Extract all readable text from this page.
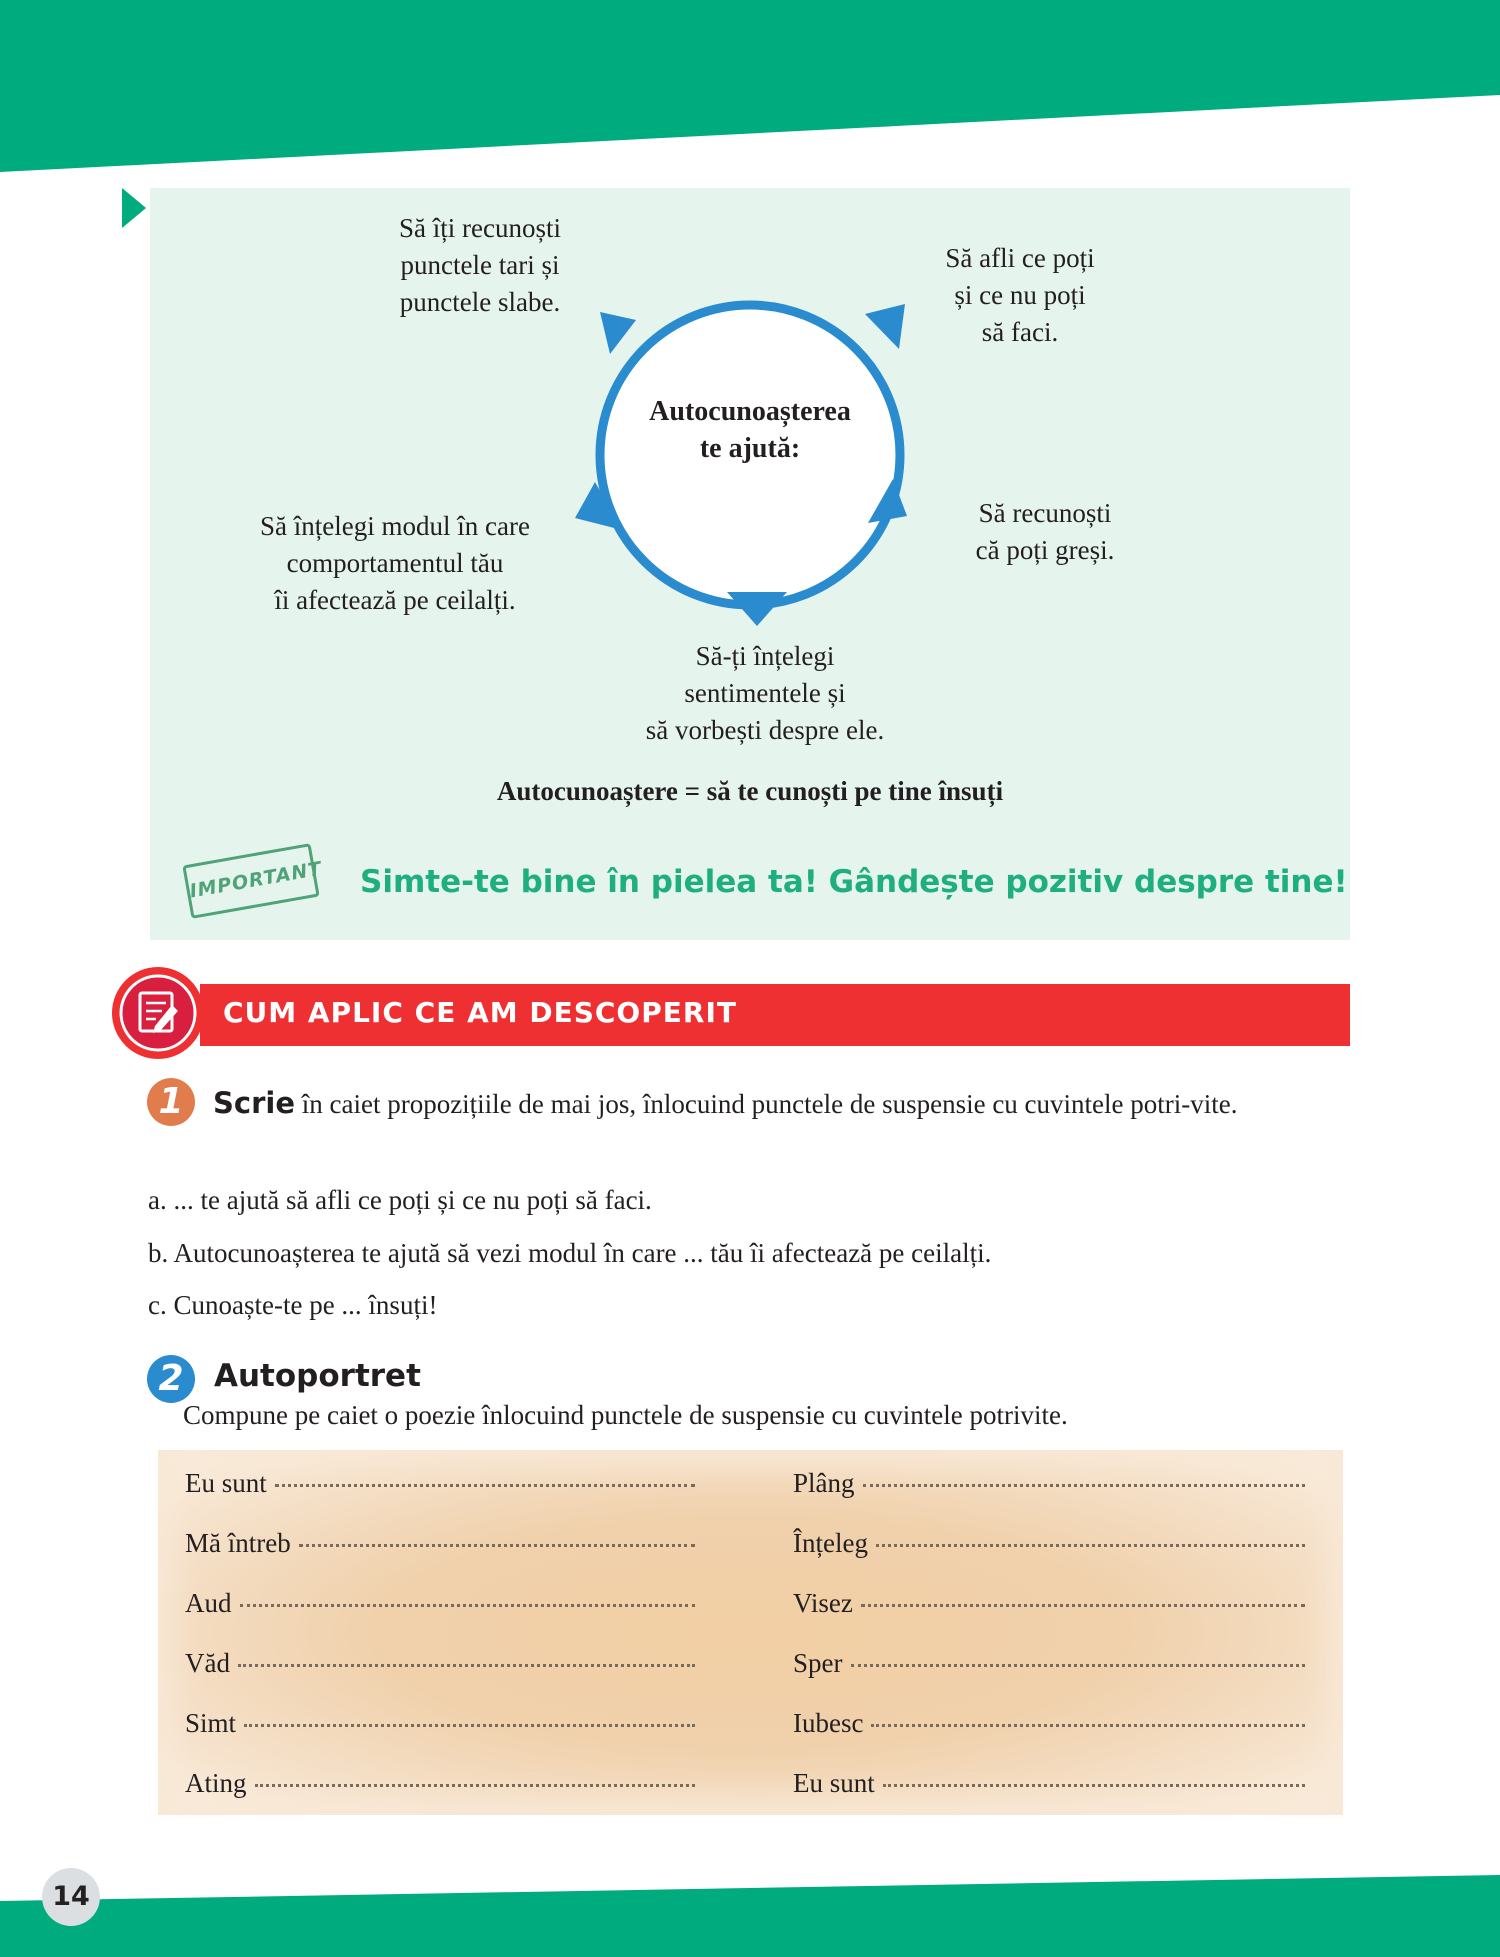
Autocunoașterea
te ajută:
Să îți recunoști
punctele tari și
punctele slabe.
Să afli ce poți
și ce nu poți
să faci.
Să recunoști
că poți greși.
Să-ți înțelegi
sentimentele și
să vorbești despre ele.
Să înțelegi modul în care
comportamentul tău
îi afectează pe ceilalți.
Autocunoaștere = să te cunoști pe tine însuți
IMPORTANT Simte-te bine în pielea ta! Gândește pozitiv despre tine!
CUM APLIC CE AM DESCOPERIT
1	Scrie în caiet propozițiile de mai jos, înlocuind punctele de suspensie cu cuvintele potri-vite.
a. ... te ajută să afli ce poți și ce nu poți să faci.
b. Autocunoașterea te ajută să vezi modul în care ... tău îi afectează pe ceilalți.
c. Cunoaște-te pe ... însuți!
2 Autoportret
Compune pe caiet o poezie înlocuind punctele de suspensie cu cuvintele potrivite.
Eu sunt
Mă întreb
Aud
Văd
Simt
Ating
Plâng
Înțeleg
Visez
Sper
Iubesc
Eu sunt
14
